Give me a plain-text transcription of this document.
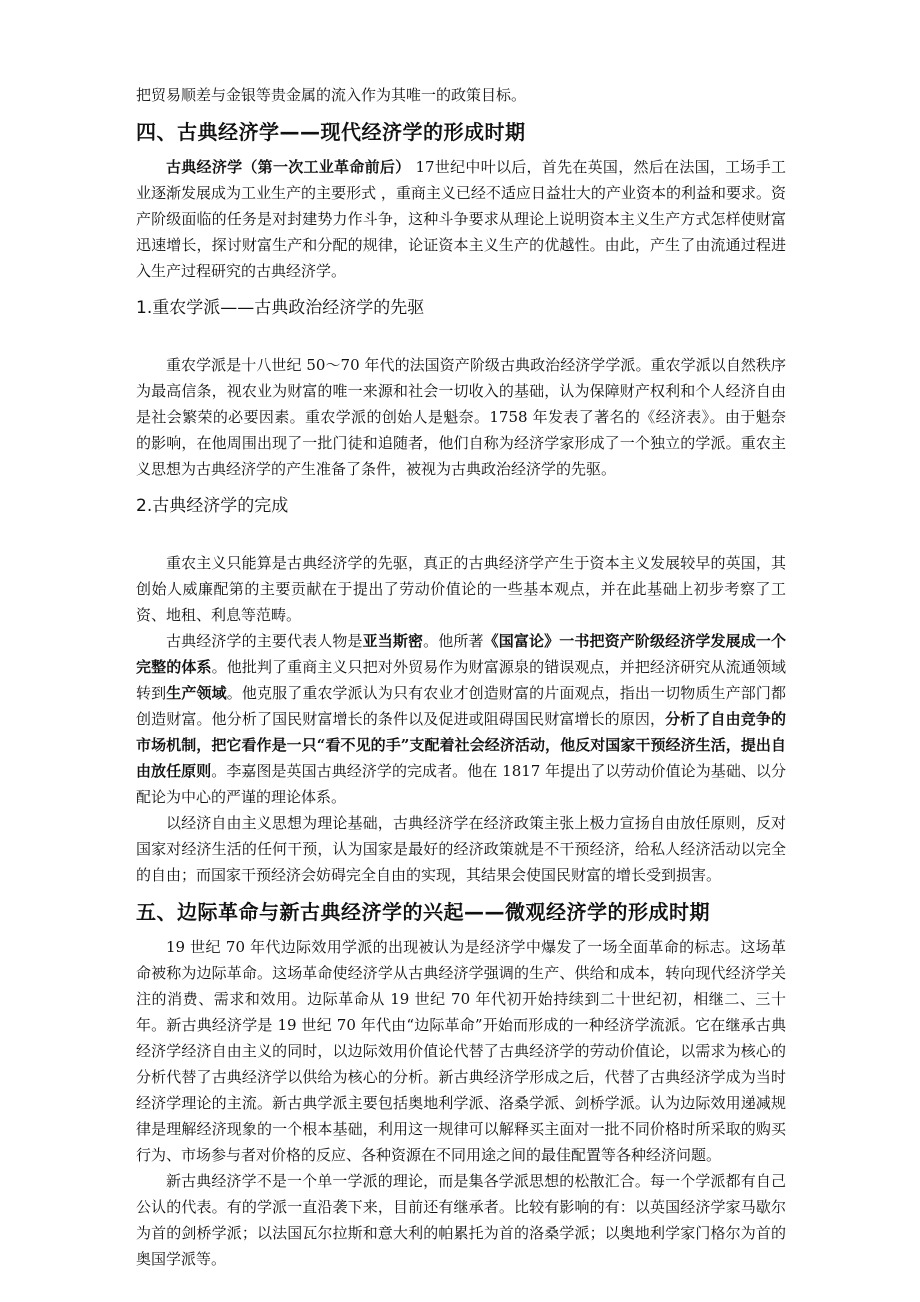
把贸易顺差与金银等贵金属的流入作为其唯一的政策目标。

四、古典经济学——现代经济学的形成时期

古典经济学（第一次工业革命前后） 17世纪中叶以后，首先在英国，然后在法国，工场手工业逐渐发展成为工业生产的主要形式 ，重商主义已经不适应日益壮大的产业资本的利益和要求。资产阶级面临的任务是对封建势力作斗争，这种斗争要求从理论上说明资本主义生产方式怎样使财富迅速增长，探讨财富生产和分配的规律，论证资本主义生产的优越性。由此，产生了由流通过程进入生产过程研究的古典经济学。

1.重农学派——古典政治经济学的先驱

重农学派是十八世纪 50～70 年代的法国资产阶级古典政治经济学学派。重农学派以自然秩序为最高信条，视农业为财富的唯一来源和社会一切收入的基础，认为保障财产权利和个人经济自由是社会繁荣的必要因素。重农学派的创始人是魁奈。1758 年发表了著名的《经济表》。由于魁奈的影响，在他周围出现了一批门徒和追随者，他们自称为经济学家形成了一个独立的学派。重农主义思想为古典经济学的产生准备了条件，被视为古典政治经济学的先驱。

2.古典经济学的完成

重农主义只能算是古典经济学的先驱，真正的古典经济学产生于资本主义发展较早的英国，其创始人威廉配第的主要贡献在于提出了劳动价值论的一些基本观点，并在此基础上初步考察了工资、地租、利息等范畴。

古典经济学的主要代表人物是亚当斯密。他所著《国富论》一书把资产阶级经济学发展成一个完整的体系。他批判了重商主义只把对外贸易作为财富源泉的错误观点，并把经济研究从流通领域转到生产领域。他克服了重农学派认为只有农业才创造财富的片面观点，指出一切物质生产部门都创造财富。他分析了国民财富增长的条件以及促进或阻碍国民财富增长的原因，分析了自由竞争的市场机制，把它看作是一只“看不见的手”支配着社会经济活动，他反对国家干预经济生活，提出自由放任原则。李嘉图是英国古典经济学的完成者。他在 1817 年提出了以劳动价值论为基础、以分配论为中心的严谨的理论体系。

以经济自由主义思想为理论基础，古典经济学在经济政策主张上极力宣扬自由放任原则，反对国家对经济生活的任何干预，认为国家是最好的经济政策就是不干预经济，给私人经济活动以完全的自由；而国家干预经济会妨碍完全自由的实现，其结果会使国民财富的增长受到损害。

五、边际革命与新古典经济学的兴起——微观经济学的形成时期

19 世纪 70 年代边际效用学派的出现被认为是经济学中爆发了一场全面革命的标志。这场革命被称为边际革命。这场革命使经济学从古典经济学强调的生产、供给和成本，转向现代经济学关注的消费、需求和效用。边际革命从 19 世纪 70 年代初开始持续到二十世纪初，相继二、三十年。新古典经济学是 19 世纪 70 年代由“边际革命”开始而形成的一种经济学流派。它在继承古典经济学经济自由主义的同时，以边际效用价值论代替了古典经济学的劳动价值论，以需求为核心的分析代替了古典经济学以供给为核心的分析。新古典经济学形成之后，代替了古典经济学成为当时经济学理论的主流。新古典学派主要包括奥地利学派、洛桑学派、剑桥学派。认为边际效用递减规律是理解经济现象的一个根本基础，利用这一规律可以解释买主面对一批不同价格时所采取的购买行为、市场参与者对价格的反应、各种资源在不同用途之间的最佳配置等各种经济问题。

新古典经济学不是一个单一学派的理论，而是集各学派思想的松散汇合。每一个学派都有自己公认的代表。有的学派一直沿袭下来，目前还有继承者。比较有影响的有：以英国经济学家马歇尔为首的剑桥学派；以法国瓦尔拉斯和意大利的帕累托为首的洛桑学派；以奥地利学家门格尔为首的奥国学派等。
